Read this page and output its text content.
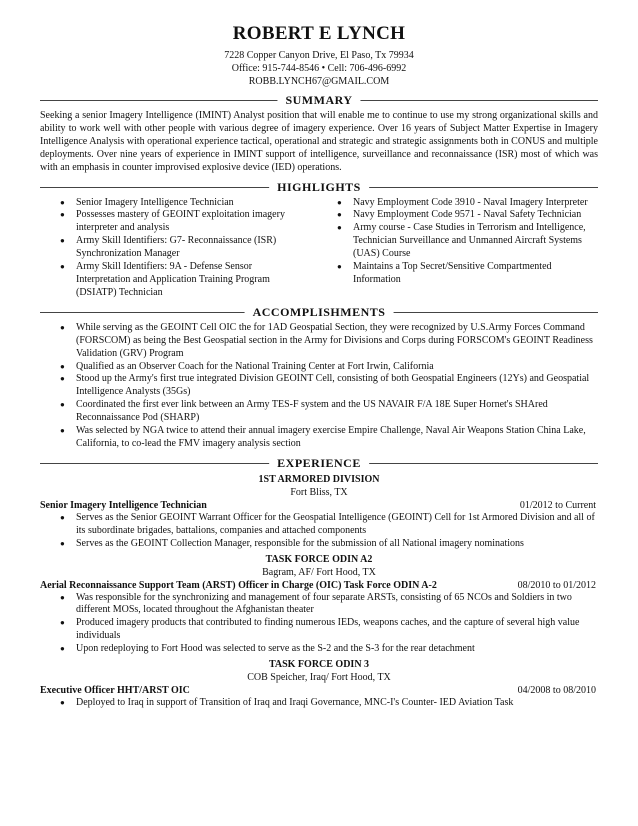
ROBERT E LYNCH
7228 Copper Canyon Drive, El Paso, Tx 79934
Office: 915-744-8546 • Cell: 706-496-6992
ROBB.LYNCH67@GMAIL.COM
SUMMARY

Seeking a senior Imagery Intelligence (IMINT) Analyst position that will enable me to continue to use my strong organizational skills and ability to work well with other people with various degree of imagery experience. Over 16 years of Subject Matter Expertise in Imagery Intelligence Analysis with operational experience tactical, operational and strategic and strategic assignments both in CONUS and multiple deployments. Over nine years of experience in IMINT support of intelligence, surveillance and reconnaissance (ISR) most of which was with an emphasis in counter improvised explosive device (IED) operations.

HIGHLIGHTS
● Senior Imagery Intelligence Technician
● Possesses mastery of GEOINT exploitation imagery interpreter and analysis
● Army Skill Identifiers: G7- Reconnaissance (ISR) Synchronization Manager
● Army Skill Identifiers: 9A - Defense Sensor Interpretation and Application Training Program (DSIATP) Technician
● Navy Employment Code 3910 - Naval Imagery Interpreter
● Navy Employment Code 9571 - Naval Safety Technician
● Army course - Case Studies in Terrorism and Intelligence, Technician Surveillance and Unmanned Aircraft Systems (UAS) Course
● Maintains a Top Secret/Sensitive Compartmented Information
ACCOMPLISHMENTS
● While serving as the GEOINT Cell OIC the for 1AD Geospatial Section, they were recognized by U.S.Army Forces Command (FORSCOM) as being the Best Geospatial section in the Army for Divisions and Corps during FORSCOM's GEOINT Readiness Validation (GRV) Program
● Qualified as an Observer Coach for the National Training Center at Fort Irwin, California
● Stood up the Army's first true integrated Division GEOINT Cell, consisting of both Geospatial Engineers (12Ys) and Geospatial Intelligence Analysts (35Gs)
● Coordinated the first ever link between an Army TES-F system and the US NAVAIR F/A 18E Super Hornet's SHAred Reconnaissance Pod (SHARP)
● Was selected by NGA twice to attend their annual imagery exercise Empire Challenge, Naval Air Weapons Station China Lake, California, to co-lead the FMV imagery analysis section
EXPERIENCE
1ST ARMORED DIVISION
Fort Bliss, TX
Senior Imagery Intelligence Technician	01/2012 to Current
● Serves as the Senior GEOINT Warrant Officer for the Geospatial Intelligence (GEOINT) Cell for 1st Armored Division and all of its subordinate brigades, battalions, companies and attached components
● Serves as the GEOINT Collection Manager, responsible for the submission of all National imagery nominations
TASK FORCE ODIN A2
Bagram, AF/ Fort Hood, TX
Aerial Reconnaissance Support Team (ARST) Officer in Charge (OIC) Task Force ODIN A-2	08/2010 to 01/2012
● Was responsible for the synchronizing and management of four separate ARSTs, consisting of 65 NCOs and Soldiers in two different MOSs, located throughout the Afghanistan theater
● Produced imagery products that contributed to finding numerous IEDs, weapons caches, and the capture of several high value individuals
● Upon redeploying to Fort Hood was selected to serve as the S-2 and the S-3 for the rear detachment
TASK FORCE ODIN 3
COB Speicher, Iraq/ Fort Hood, TX
Executive Officer HHT/ARST OIC	04/2008 to 08/2010
● Deployed to Iraq in support of Transition of Iraq and Iraqi Governance, MNC-I's Counter- IED Aviation Task
